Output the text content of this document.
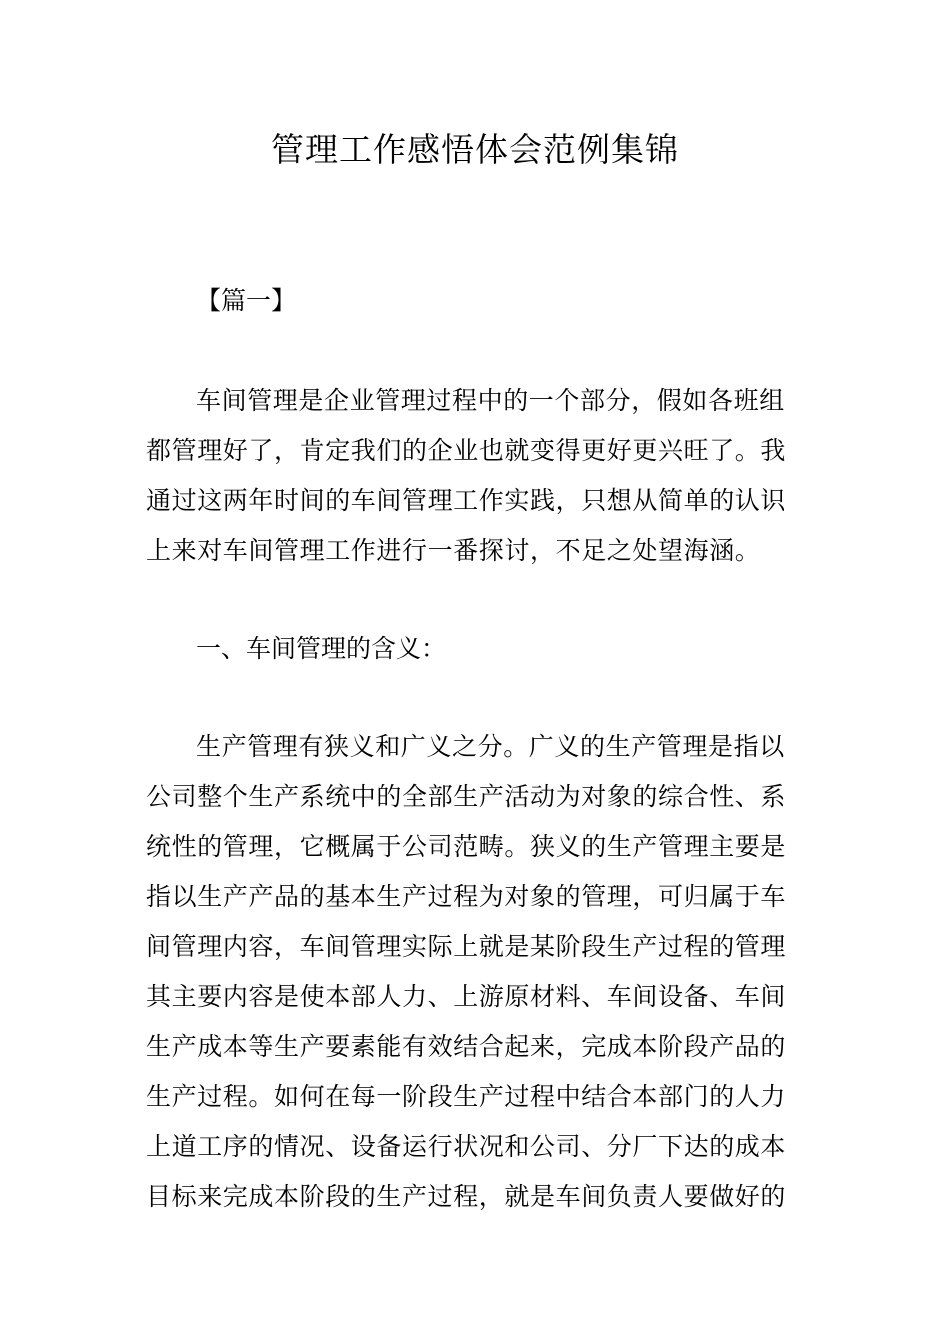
管理工作感悟体会范例集锦
【篇一】
车间管理是企业管理过程中的一个部分，假如各班组
都管理好了，肯定我们的企业也就变得更好更兴旺了。我
通过这两年时间的车间管理工作实践，只想从简单的认识
上来对车间管理工作进行一番探讨，不足之处望海涵。
一、车间管理的含义：
生产管理有狭义和广义之分。广义的生产管理是指以
公司整个生产系统中的全部生产活动为对象的综合性、系
统性的管理，它概属于公司范畴。狭义的生产管理主要是
指以生产产品的基本生产过程为对象的管理，可归属于车
间管理内容，车间管理实际上就是某阶段生产过程的管理
其主要内容是使本部人力、上游原材料、车间设备、车间
生产成本等生产要素能有效结合起来，完成本阶段产品的
生产过程。如何在每一阶段生产过程中结合本部门的人力
上道工序的情况、设备运行状况和公司、分厂下达的成本
目标来完成本阶段的生产过程，就是车间负责人要做好的
